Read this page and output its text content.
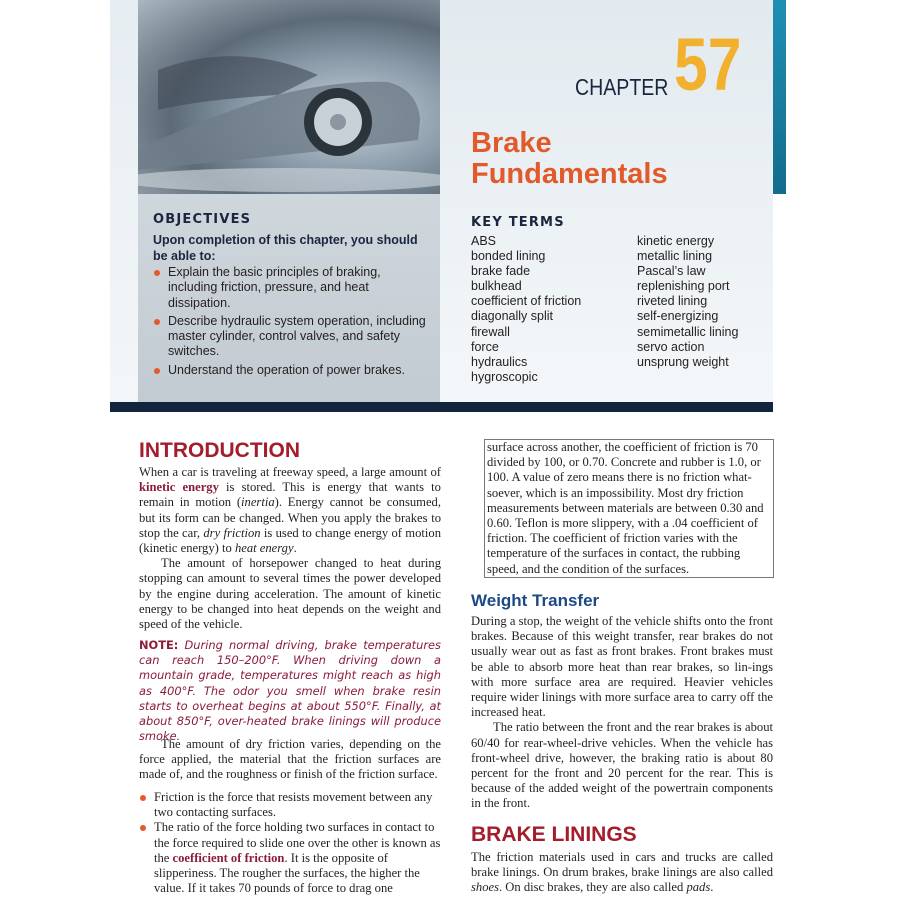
CHAPTER 57
Brake
Fundamentals
OBJECTIVES
Upon completion of this chapter, you should be able to:
Explain the basic principles of braking, including friction, pressure, and heat dissipation.
Describe hydraulic system operation, including master cylinder, control valves, and safety switches.
Understand the operation of power brakes.
KEY TERMS
ABS
bonded lining
brake fade
bulkhead
coefficient of friction
diagonally split
firewall
force
hydraulics
hygroscopic
kinetic energy
metallic lining
Pascal’s law
replenishing port
riveted lining
self-energizing
semimetallic lining
servo action
unsprung weight
INTRODUCTION

When a car is traveling at freeway speed, a large amount of kinetic energy is stored. This is energy that wants to remain in motion (inertia). Energy cannot be consumed, but its form can be changed. When you apply the brakes to stop the car, dry friction is used to change energy of motion (kinetic energy) to heat energy.
The amount of horsepower changed to heat during stopping can amount to several times the power developed by the engine during acceleration. The amount of kinetic energy to be changed into heat depends on the weight and speed of the vehicle.

NOTE: During normal driving, brake temperatures can reach 150–200°F. When driving down a mountain grade, temperatures might reach as high as 400°F. The odor you smell when brake resin starts to overheat begins at about 550°F. Finally, at about 850°F, over-heated brake linings will produce smoke.

The amount of dry friction varies, depending on the force applied, the material that the friction surfaces are made of, and the roughness or finish of the friction surface.

Friction is the force that resists movement between any two contacting surfaces.
The ratio of the force holding two surfaces in contact to the force required to slide one over the other is known as the coefficient of friction. It is the opposite of slipperiness. The rougher the surfaces, the higher the value. If it takes 70 pounds of force to drag one

surface across another, the coefficient of friction is 70 divided by 100, or 0.70. Concrete and rubber is 1.0, or 100. A value of zero means there is no friction what-soever, which is an impossibility. Most dry friction measurements between materials are between 0.30 and 0.60. Teflon is more slippery, with a .04 coefficient of friction. The coefficient of friction varies with the temperature of the surfaces in contact, the rubbing speed, and the condition of the surfaces.

Weight Transfer

During a stop, the weight of the vehicle shifts onto the front brakes. Because of this weight transfer, rear brakes do not usually wear out as fast as front brakes. Front brakes must be able to absorb more heat than rear brakes, so lin-ings with more surface area are required. Heavier vehicles require wider linings with more surface area to carry off the increased heat.

The ratio between the front and the rear brakes is about 60/40 for rear-wheel-drive vehicles. When the vehicle has front-wheel drive, however, the braking ratio is about 80 percent for the front and 20 percent for the rear. This is because of the added weight of the powertrain components in the front.

BRAKE LININGS

The friction materials used in cars and trucks are called brake linings. On drum brakes, brake linings are also called shoes. On disc brakes, they are also called pads.
